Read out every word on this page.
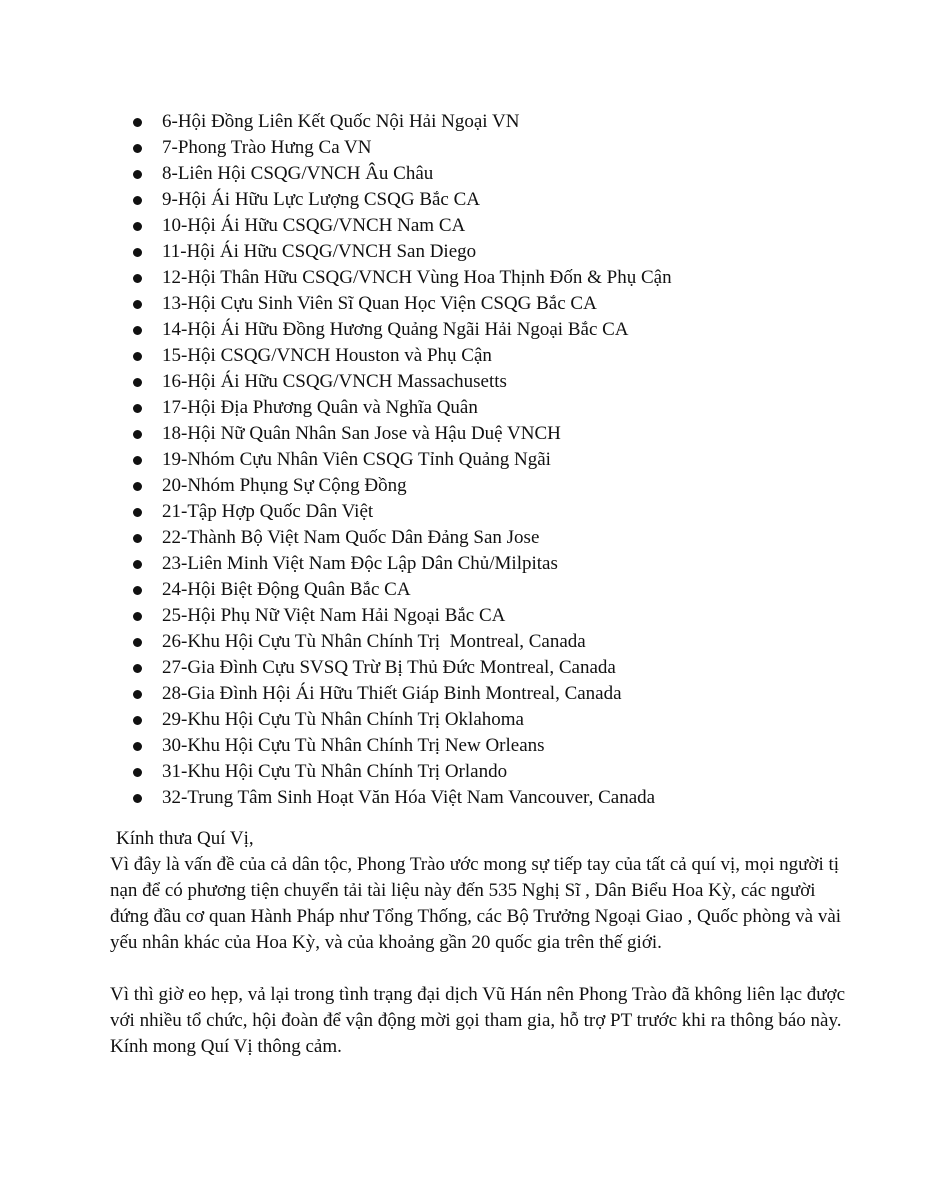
6-Hội Đồng Liên Kết Quốc Nội Hải Ngoại VN
7-Phong Trào Hưng Ca VN
8-Liên Hội CSQG/VNCH Âu Châu
9-Hội Ái Hữu Lực Lượng CSQG Bắc CA
10-Hội Ái Hữu CSQG/VNCH Nam CA
11-Hội Ái Hữu CSQG/VNCH San Diego
12-Hội Thân Hữu CSQG/VNCH Vùng Hoa Thịnh Đốn & Phụ Cận
13-Hội Cựu Sinh Viên Sĩ Quan Học Viện CSQG Bắc CA
14-Hội Ái Hữu Đồng Hương Quảng Ngãi Hải Ngoại Bắc CA
15-Hội CSQG/VNCH Houston và Phụ Cận
16-Hội Ái Hữu CSQG/VNCH Massachusetts
17-Hội Địa Phương Quân và Nghĩa Quân
18-Hội Nữ Quân Nhân San Jose và Hậu Duệ VNCH
19-Nhóm Cựu Nhân Viên CSQG Tỉnh Quảng Ngãi
20-Nhóm Phụng Sự Cộng Đồng
21-Tập Hợp Quốc Dân Việt
22-Thành Bộ Việt Nam Quốc Dân Đảng San Jose
23-Liên Minh Việt Nam Độc Lập Dân Chủ/Milpitas
24-Hội Biệt Động Quân Bắc CA
25-Hội Phụ Nữ Việt Nam Hải Ngoại Bắc CA
26-Khu Hội Cựu Tù Nhân Chính Trị  Montreal, Canada
27-Gia Đình Cựu SVSQ Trừ Bị Thủ Đức Montreal, Canada
28-Gia Đình Hội Ái Hữu Thiết Giáp Binh Montreal, Canada
29-Khu Hội Cựu Tù Nhân Chính Trị Oklahoma
30-Khu Hội Cựu Tù Nhân Chính Trị New Orleans
31-Khu Hội Cựu Tù Nhân Chính Trị Orlando
32-Trung Tâm Sinh Hoạt Văn Hóa Việt Nam Vancouver, Canada

Kính thưa Quí Vị,

Vì đây là vấn đề của cả dân tộc, Phong Trào ước mong sự tiếp tay của tất cả quí vị, mọi người tị nạn để có phương tiện chuyển tải tài liệu này đến 535 Nghị Sĩ , Dân Biểu Hoa Kỳ, các người đứng đầu cơ quan Hành Pháp như Tổng Thống, các Bộ Trưởng Ngoại Giao , Quốc phòng và vài yếu nhân khác của Hoa Kỳ, và của khoảng gần 20 quốc gia trên thế giới.

Vì thì giờ eo hẹp, vả lại trong tình trạng đại dịch Vũ Hán nên Phong Trào đã không liên lạc được với nhiều tổ chức, hội đoàn để vận động mời gọi tham gia, hỗ trợ PT trước khi ra thông báo này. Kính mong Quí Vị thông cảm.
